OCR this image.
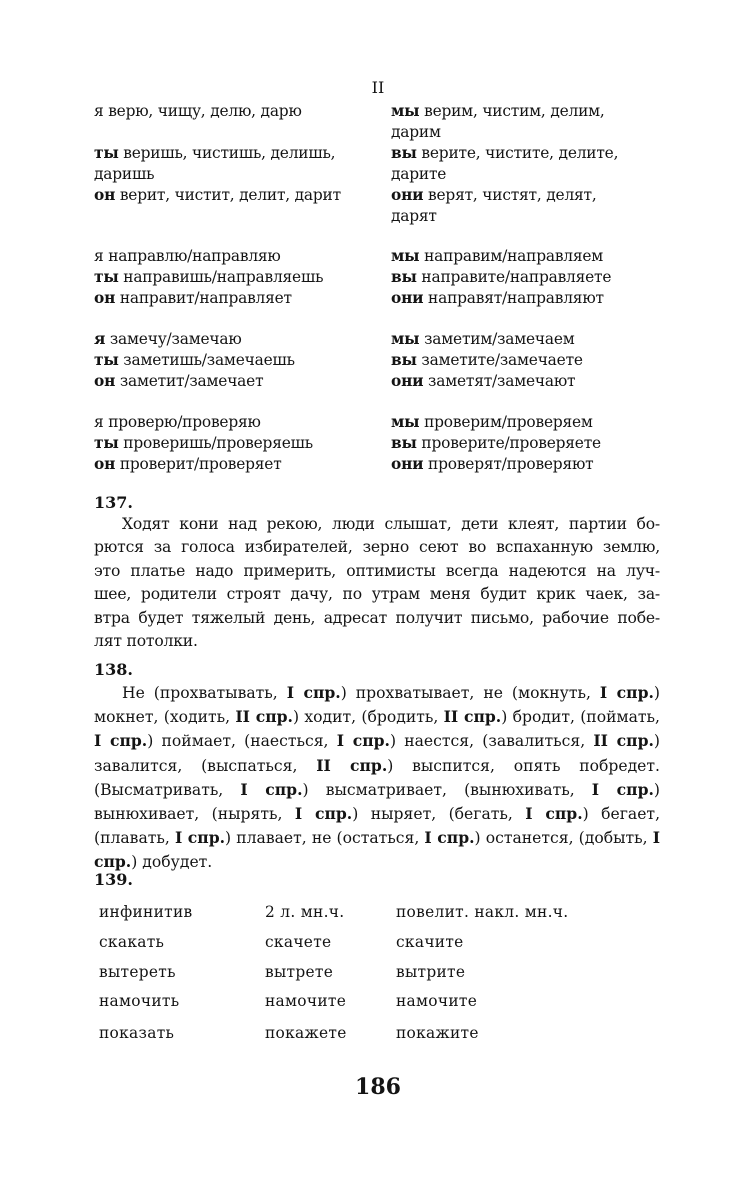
II
я верю, чищу, делю, дарю	мы верим, чистим, делим,
дарим
ты веришь, чистишь, делишь,	вы верите, чистите, делите,
даришь	дарите
он верит, чистит, делит, дарит	они верят, чистят, делят,
дарят
я направлю/направляю	мы направим/направляем
ты направишь/направляешь	вы направите/направляете
он направит/направляет	они направят/направляют
я замечу/замечаю	мы заметим/замечаем
ты заметишь/замечаешь	вы заметите/замечаете
он заметит/замечает	они заметят/замечают
я проверю/проверяю	мы проверим/проверяем
ты проверишь/проверяешь	вы проверите/проверяете
он проверит/проверяет	они проверят/проверяют
137.
Ходят кони над рекою, люди слышат, дети клеят, партии бо-
рются за голоса избирателей, зерно сеют во вспаханную землю,
это платье надо примерить, оптимисты всегда надеются на луч-
шее, родители строят дачу, по утрам меня будит крик чаек, за-
втра будет тяжелый день, адресат получит письмо, рабочие побе-
лят потолки.
138.
Не (прохватывать, I спр.) прохватывает, не (мокнуть, I спр.) мокнет, (ходить, II спр.) ходит, (бродить, II спр.) бродит, (поймать, I спр.) поймает, (наесться, I спр.) наестся, (завалиться, II спр.) завалится, (выспаться, II спр.) выспится, опять побредет. (Высматривать, I спр.) высматривает, (вынюхивать, I спр.) вынюхивает, (нырять, I спр.) ныряет, (бегать, I спр.) бегает, (плавать, I спр.) плавает, не (остаться, I спр.) останется, (добыть, I спр.) добудет.
139.
инфинитив	2 л. мн.ч.	повелит. накл. мн.ч.
скакать	скачете	скачите
вытереть	вытрете	вытрите
намочить	намочите	намочите
показать	покажете	покажите
186
